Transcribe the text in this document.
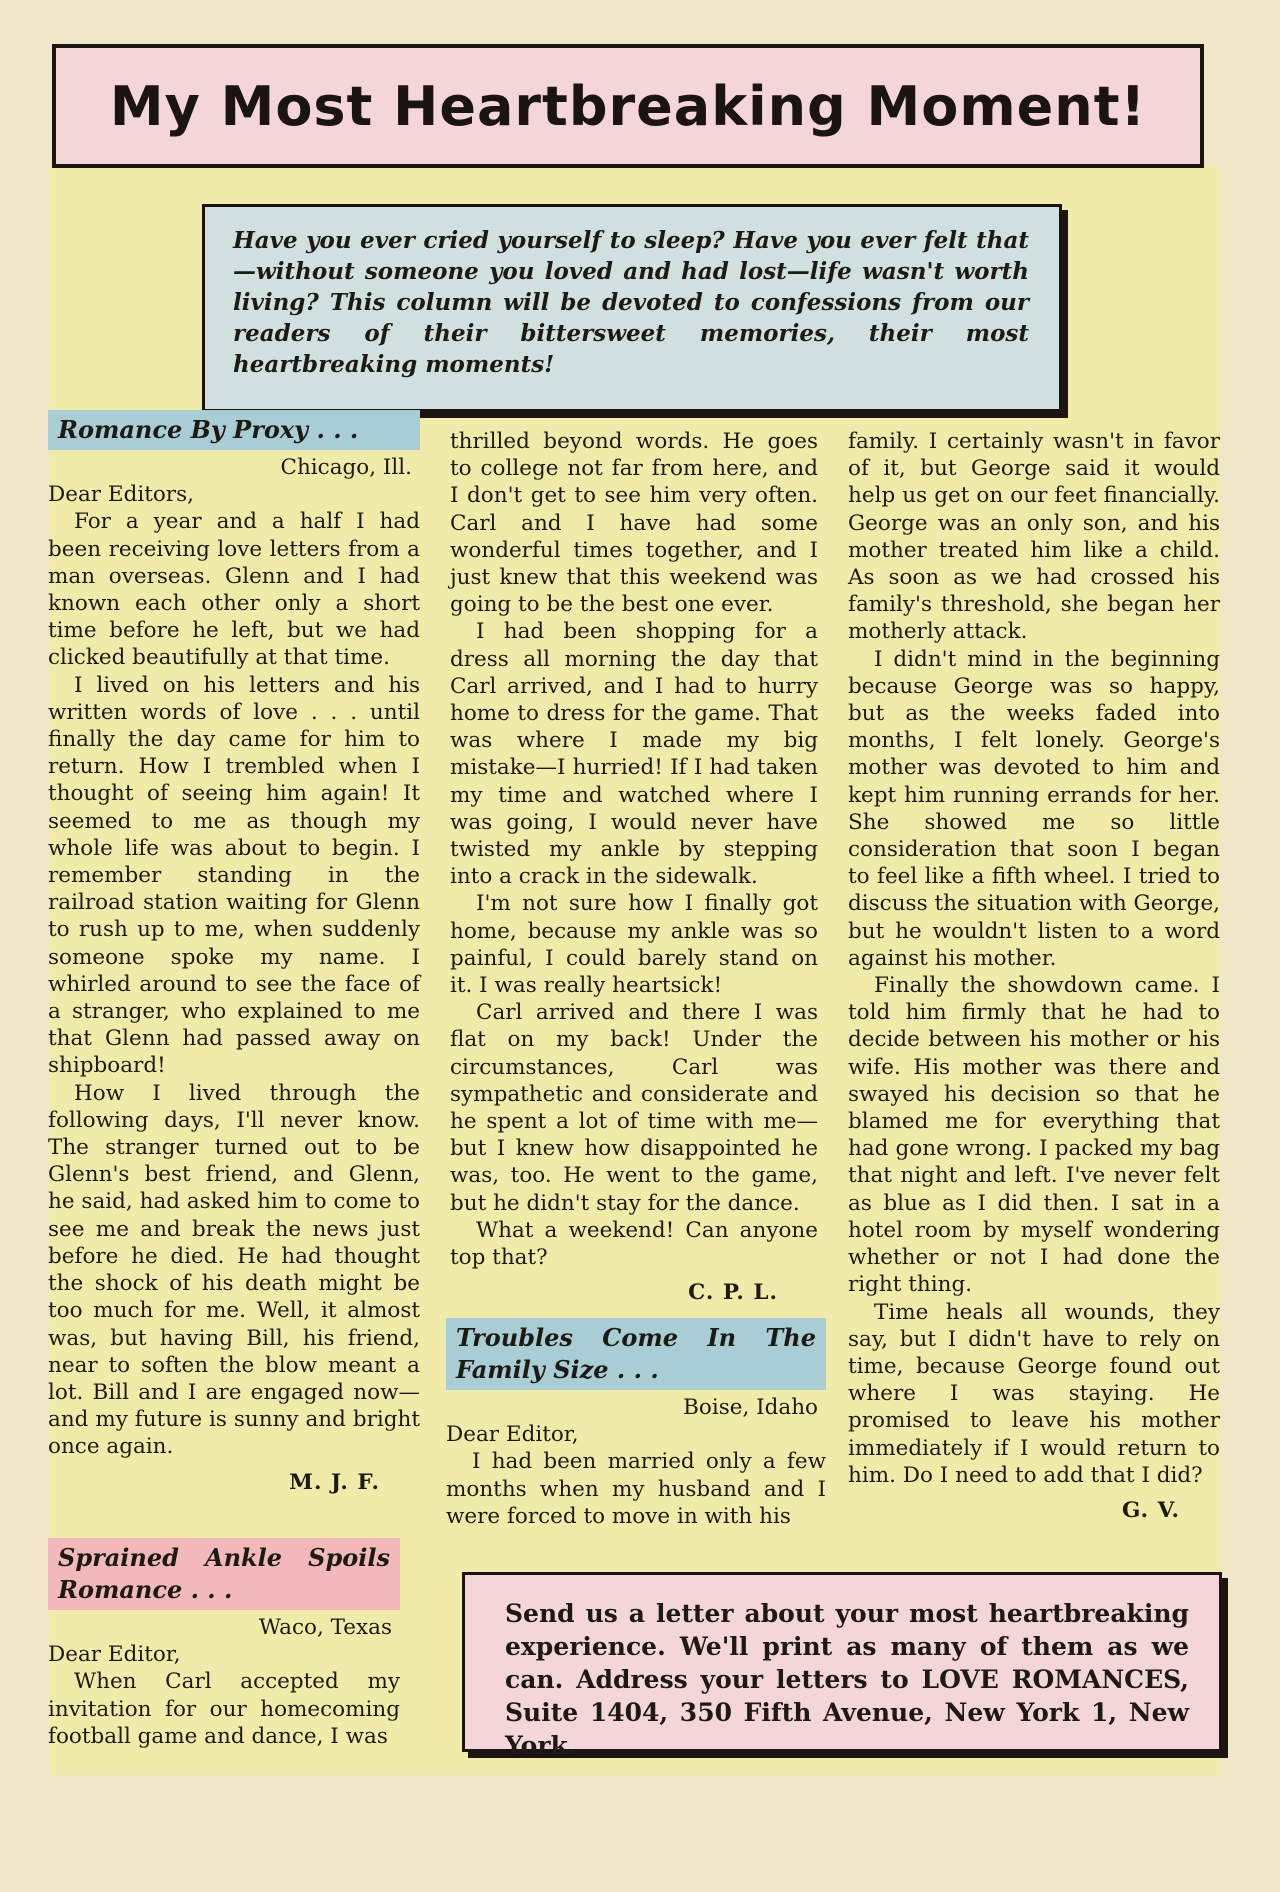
My Most Heartbreaking Moment!
Have you ever cried yourself to sleep? Have you ever felt that—without someone you loved and had lost—life wasn't worth living? This column will be devoted to confessions from our readers of their bittersweet memories, their most heartbreaking moments!
Romance By Proxy . . .

Chicago, Ill.

Dear Editors,

For a year and a half I had been receiving love letters from a man overseas. Glenn and I had known each other only a short time before he left, but we had clicked beautifully at that time.

I lived on his letters and his written words of love . . . until finally the day came for him to return. How I trembled when I thought of seeing him again! It seemed to me as though my whole life was about to begin. I remember standing in the railroad station waiting for Glenn to rush up to me, when suddenly someone spoke my name. I whirled around to see the face of a stranger, who explained to me that Glenn had passed away on shipboard!

How I lived through the following days, I'll never know. The stranger turned out to be Glenn's best friend, and Glenn, he said, had asked him to come to see me and break the news just before he died. He had thought the shock of his death might be too much for me. Well, it almost was, but having Bill, his friend, near to soften the blow meant a lot. Bill and I are engaged now—and my future is sunny and bright once again.

M. J. F.

Sprained Ankle Spoils Romance . . .

Waco, Texas

Dear Editor,

When Carl accepted my invitation for our homecoming football game and dance, I was

thrilled beyond words. He goes to college not far from here, and I don't get to see him very often. Carl and I have had some wonderful times together, and I just knew that this weekend was going to be the best one ever.

I had been shopping for a dress all morning the day that Carl arrived, and I had to hurry home to dress for the game. That was where I made my big mistake—I hurried! If I had taken my time and watched where I was going, I would never have twisted my ankle by stepping into a crack in the sidewalk.

I'm not sure how I finally got home, because my ankle was so painful, I could barely stand on it. I was really heartsick!

Carl arrived and there I was flat on my back! Under the circumstances, Carl was sympathetic and considerate and he spent a lot of time with me—but I knew how disappointed he was, too. He went to the game, but he didn't stay for the dance.

What a weekend! Can anyone top that?

C. P. L.

Troubles Come In The Family Size . . .

Boise, Idaho

Dear Editor,

I had been married only a few months when my husband and I were forced to move in with his

family. I certainly wasn't in favor of it, but George said it would help us get on our feet financially. George was an only son, and his mother treated him like a child. As soon as we had crossed his family's threshold, she began her motherly attack.

I didn't mind in the beginning because George was so happy, but as the weeks faded into months, I felt lonely. George's mother was devoted to him and kept him running errands for her. She showed me so little consideration that soon I began to feel like a fifth wheel. I tried to discuss the situation with George, but he wouldn't listen to a word against his mother.

Finally the showdown came. I told him firmly that he had to decide between his mother or his wife. His mother was there and swayed his decision so that he blamed me for everything that had gone wrong. I packed my bag that night and left. I've never felt as blue as I did then. I sat in a hotel room by myself wondering whether or not I had done the right thing.

Time heals all wounds, they say, but I didn't have to rely on time, because George found out where I was staying. He promised to leave his mother immediately if I would return to him. Do I need to add that I did?

G. V.

Send us a letter about your most heartbreaking experience. We'll print as many of them as we can. Address your letters to LOVE ROMANCES, Suite 1404, 350 Fifth Avenue, New York 1, New York.
